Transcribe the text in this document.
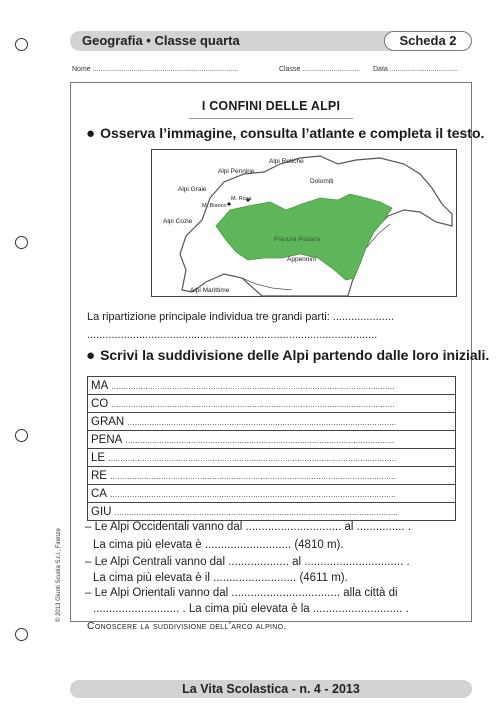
Geografia • Classe quarta	Scheda 2
Nome ...........................................................................	Classe .............................. Data ...................................
I CONFINI DELLE ALPI
● Osserva l’immagine, consulta l’atlante e completa il testo.
Alpi Retiche
Alpi Pennine
Dolomiti
Alpi Graie
M. Rosa
M. Bianco
Alpi Cozie
Pianura Padana
Appennini
Alpi Marittime
La ripartizione principale individua tre grandi parti: ....................
...............................................................................................
● Scrivi la suddivisione delle Alpi partendo dalle loro iniziali.
MA .....................................................................................................................
CO .....................................................................................................................
GRAN ...............................................................................................................
PENA ...............................................................................................................
LE .......................................................................................................................
RE ......................................................................................................................
CA ......................................................................................................................
GIU .....................................................................................................................
– Le Alpi Occidentali vanno dal .............................. al ............... .
La cima più elevata è ........................... (4810 m).
– Le Alpi Centrali vanno dal ................... al ............................... .
La cima più elevata è il .......................... (4611 m).
– Le Alpi Orientali vanno dal .................................. alla città di
........................... . La cima più elevata è la ............................ .
Conoscere la suddivisione dell’arco alpino.
© 2013 Giunti Scuola S.r.l., Firenze
La Vita Scolastica - n. 4 - 2013
